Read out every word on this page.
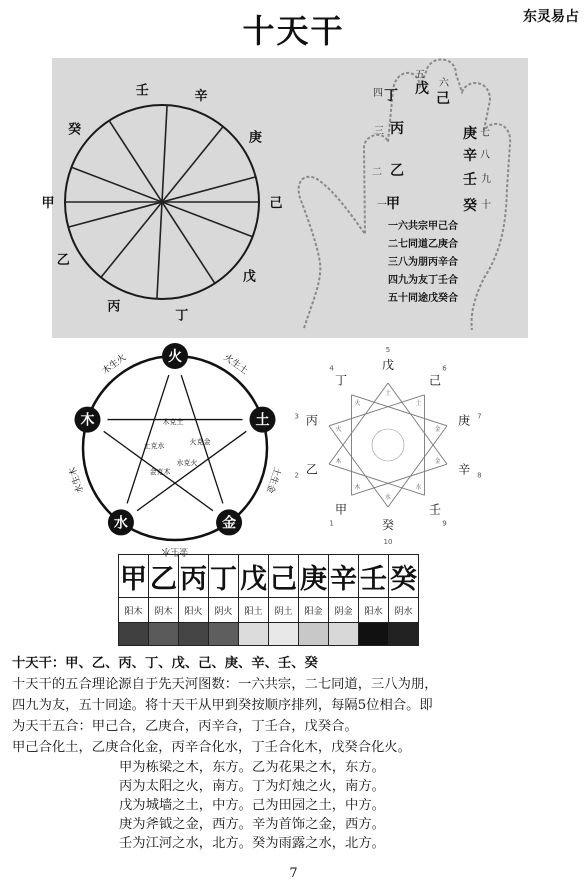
十天干	东灵易占
甲
乙
丙
丁
戊
己
庚
辛
壬
癸
戊
丁
丙
乙
甲
己
庚
辛
壬
癸
五
六
四
三
二
一
七
八
九
十
一六共宗甲己合
二七同道乙庚合
三八为朋丙辛合
四九为友丁壬合
五十同途戊癸合
火
土
金
水
木
火生土
土生金
金生水
水生木
木生火
木克土
土克水
水克火
火克金
金克木
戊
己
庚
辛
壬
癸
甲
乙
丙
丁
5
6
7
8
9
10
1
2
3
4
土
土
金
金
水
水
木
木
火
火
甲	乙	丙	丁	戊	己	庚	辛	壬	癸
阳木	阴木	阳火	阴火	阳土	阴土	阳金	阴金	阳水	阴水

十天干：甲、乙、丙、丁、戊、己、庚、辛、壬、癸

十天干的五合理论源自于先天河图数：一六共宗，二七同道，三八为朋，

四九为友，五十同途。将十天干从甲到癸按顺序排列，每隔5位相合。即

为天干五合：甲己合，乙庚合，丙辛合，丁壬合，戊癸合。

甲己合化土，乙庚合化金，丙辛合化水，丁壬合化木，戊癸合化火。

甲为栋梁之木，东方。乙为花果之木，东方。

丙为太阳之火，南方。丁为灯烛之火，南方。

戊为城墙之土，中方。己为田园之土，中方。

庚为斧钺之金，西方。辛为首饰之金，西方。

壬为江河之水，北方。癸为雨露之水，北方。

7
